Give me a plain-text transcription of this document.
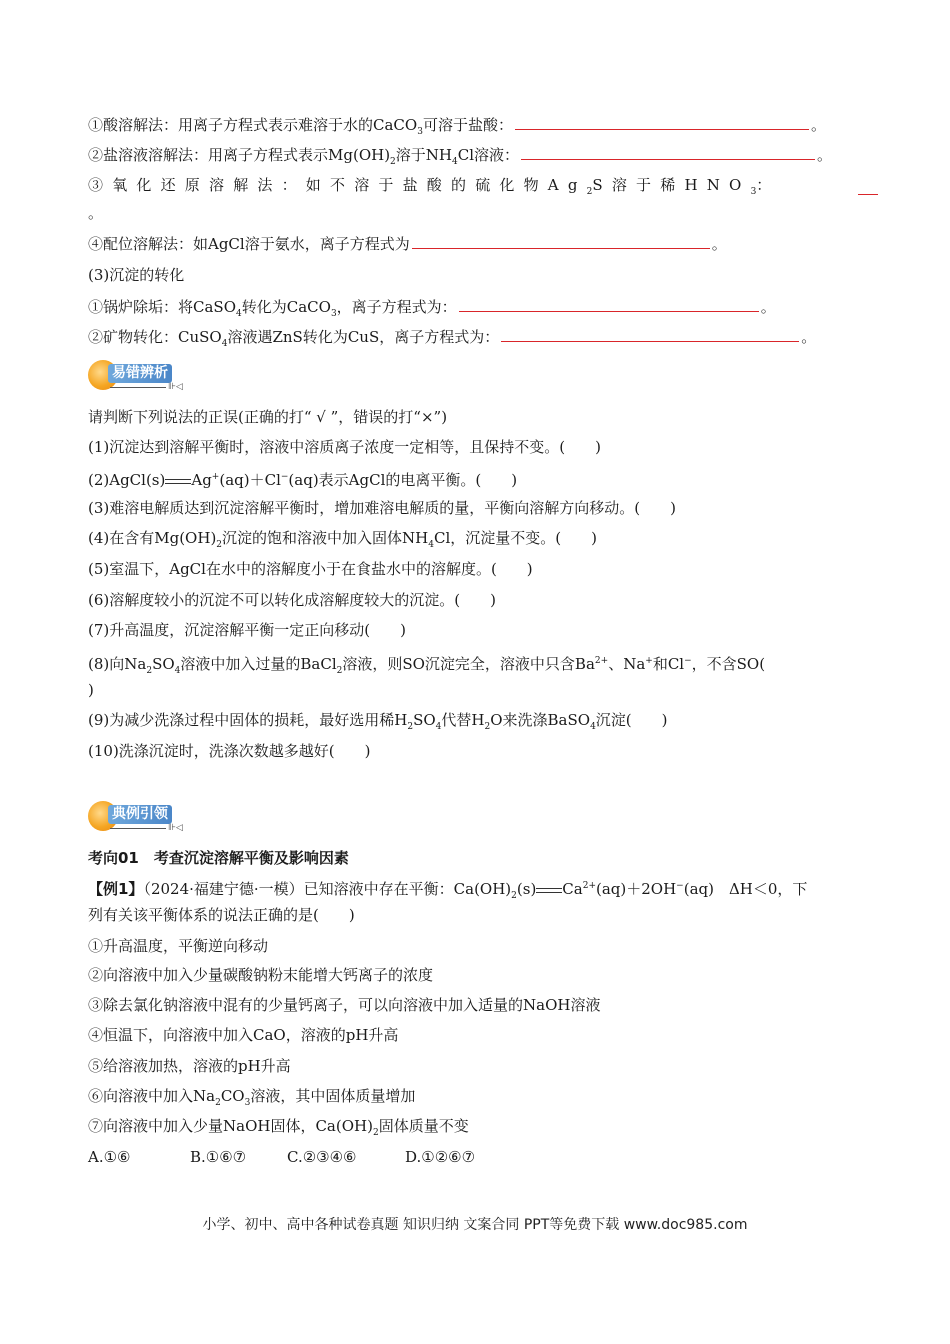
①酸溶解法：用离子方程式表示难溶于水的CaCO$_3$可溶于盐酸：	。
②盐溶液溶解法：用离子方程式表示$Mg(OH)_2$溶于$NH_4Cl$溶液：	。
③氧化还原溶解法：如不溶于盐酸的硫化物$Ag_2S$溶于稀$HNO_3$：
。
④配位溶解法：如AgCl溶于氨水，离子方程式为	。
(3)沉淀的转化
①锅炉除垢：将CaSO$_4$转化为CaCO$_3$，离子方程式为：	。
②矿物转化：CuSO$_4$溶液遇ZnS转化为CuS，离子方程式为：	。
易错辨析
⊪◁
请判断下列说法的正误(正确的打“ √ ”，错误的打“×”)
(1)沉淀达到溶解平衡时，溶液中溶质离子浓度一定相等，且保持不变。(　　)
(2)AgCl(s) Ag+(aq)＋Cl−(aq)表示AgCl的电离平衡。(　　)
(3)难溶电解质达到沉淀溶解平衡时，增加难溶电解质的量，平衡向溶解方向移动。(　　)
(4)在含有$Mg(OH)_2$沉淀的饱和溶液中加入固体$NH_4Cl$，沉淀量不变。(　　)
(5)室温下，AgCl在水中的溶解度小于在食盐水中的溶解度。(　　)
(6)溶解度较小的沉淀不可以转化成溶解度较大的沉淀。(　　)
(7)升高温度，沉淀溶解平衡一定正向移动(　　)
(8)向$Na_2SO_4$溶液中加入过量的BaCl$_2$溶液，则SO沉淀完全，溶液中只含$Ba^{2+}$、Na+和Cl−，不含SO(
)
(9)为减少洗涤过程中固体的损耗，最好选用稀$H_2SO_4$代替$H_2O$来洗涤BaSO$_4$沉淀(　　)
(10)洗涤沉淀时，洗涤次数越多越好(　　)
典例引领
⊪◁
考向01　考查沉淀溶解平衡及影响因素
【例1】（2024·福建宁德·一模）已知溶液中存在平衡：$Ca(OH)_2(s)$ $Ca^{2+}(aq)+2OH^-(aq)$　ΔH＜0，下
列有关该平衡体系的说法正确的是(　　)
①升高温度，平衡逆向移动
②向溶液中加入少量碳酸钠粉末能增大钙离子的浓度
③除去氯化钠溶液中混有的少量钙离子，可以向溶液中加入适量的NaOH溶液
④恒温下，向溶液中加入CaO，溶液的pH升高
⑤给溶液加热，溶液的pH升高
⑥向溶液中加入$Na_2CO_3$溶液，其中固体质量增加
⑦向溶液中加入少量NaOH固体，$Ca(OH)_2$固体质量不变
A.①⑥	B.①⑥⑦	C.②③④⑥	D.①②⑥⑦
小学、初中、高中各种试卷真题 知识归纳 文案合同 PPT等免费下载 www.doc985.com
